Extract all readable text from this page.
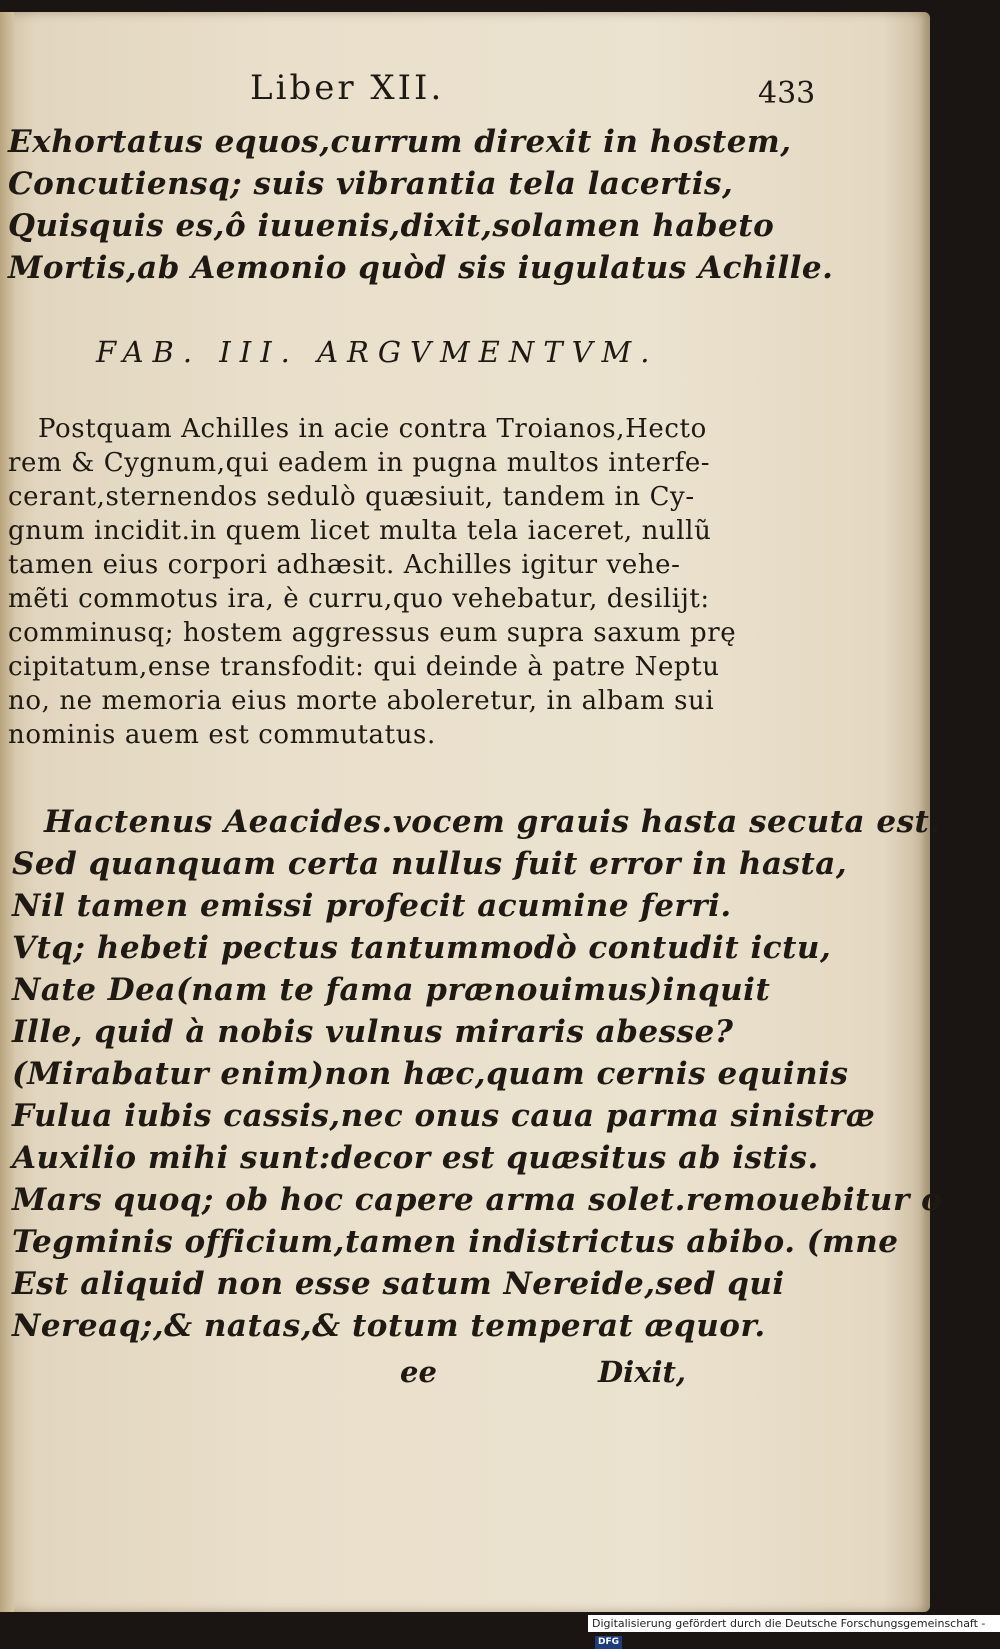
Liber XII.	433
Exhortatus equos,currum direxit in hostem,
Concutiensq; suis vibrantia tela lacertis,
Quisquis es,ô iuuenis,dixit,solamen habeto
Mortis,ab Aemonio quòd sis iugulatus Achille.
FAB. III. ARGVMENTVM.
Postquam Achilles in acie contra Troianos,Hecto
rem & Cygnum,qui eadem in pugna multos interfe-
cerant,sternendos sedulò quæsiuit, tandem in Cy-
gnum incidit.in quem licet multa tela iaceret, nullũ
tamen eius corpori adhæsit. Achilles igitur vehe-
mẽti commotus ira, è curru,quo vehebatur, desilijt:
comminusq; hostem aggressus eum supra saxum prę
cipitatum,ense transfodit: qui deinde à patre Neptu
no, ne memoria eius morte aboleretur, in albam sui
nominis auem est commutatus.
Hactenus Aeacides.vocem grauis hasta secuta est.
Sed quanquam certa nullus fuit error in hasta,
Nil tamen emissi profecit acumine ferri.
Vtq; hebeti pectus tantummodò contudit ictu,
Nate Dea(nam te fama prænouimus)inquit
Ille, quid à nobis vulnus miraris abesse?
(Mirabatur enim)non hæc,quam cernis equinis
Fulua iubis cassis,nec onus caua parma sinistræ
Auxilio mihi sunt:decor est quæsitus ab istis.
Mars quoq; ob hoc capere arma solet.remouebitur o
Tegminis officium,tamen indistrictus abibo. (mne
Est aliquid non esse satum Nereide,sed qui
Nereaq;,& natas,& totum temperat æquor.
ee	Dixit,
Digitalisierung gefördert durch die Deutsche Forschungsgemeinschaft -DFG
